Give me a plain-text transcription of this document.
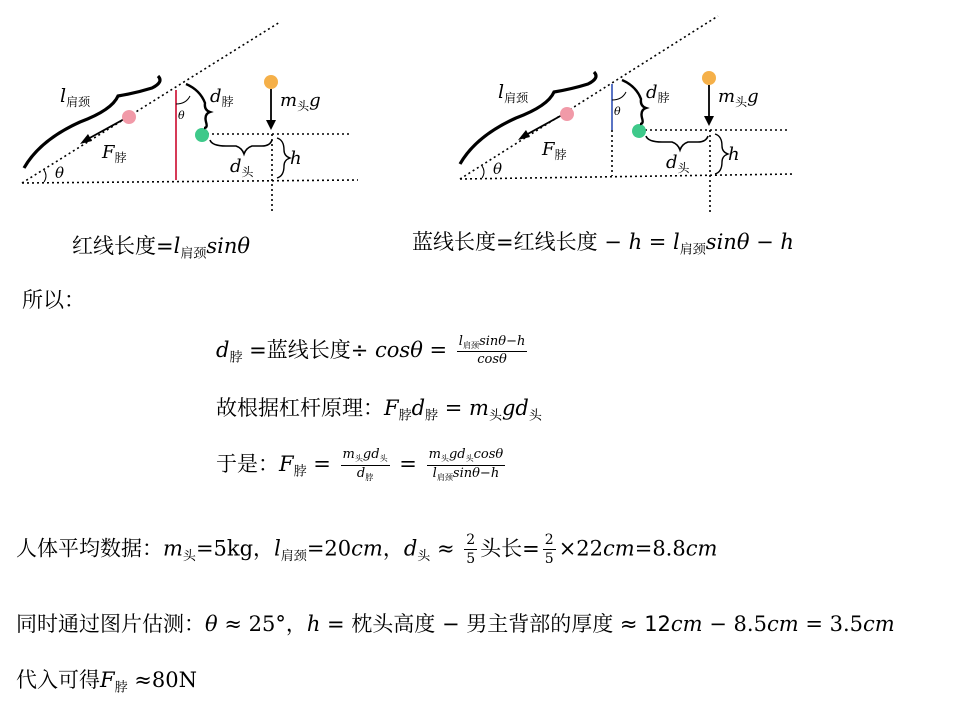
$l_{肩颈}$
$F_脖$
θ
θ
$d_脖$	$m_头g$
$d_头$
h
$l_{肩颈}$
$F_脖$
θ
θ
$d_脖$	$m_头g$
$d_头$
h
红线长度$=l_{肩颈}\sin\theta$	蓝线长度=红线长度 − $h = l_{肩颈}\sin\theta - h$
所以：
$d_脖$ =蓝线长度÷ $\cos\theta = \frac{l_{肩颈}\sin\theta-h}{\cos\theta}$
故根据杠杆原理：$F_脖d_脖 = m_头gd_头$
于是：$F_脖 = \frac{m_头gd_头}{d_脖} = \frac{m_头gd_头\cos\theta}{l_{肩颈}\sin\theta-h}$
人体平均数据：$m_头=5kg$，$l_{肩颈}=20cm$，$d_头 \approx \frac{2}{5}$ 头长= $\frac{2}{5} \times 22cm=8.8cm$
同时通过图片估测：θ ≈ 25°，h = 枕头高度 − 男主背部的厚度 ≈ 12cm − 8.5cm = 3.5cm
代入可得$F_脖 \approx 80N$
